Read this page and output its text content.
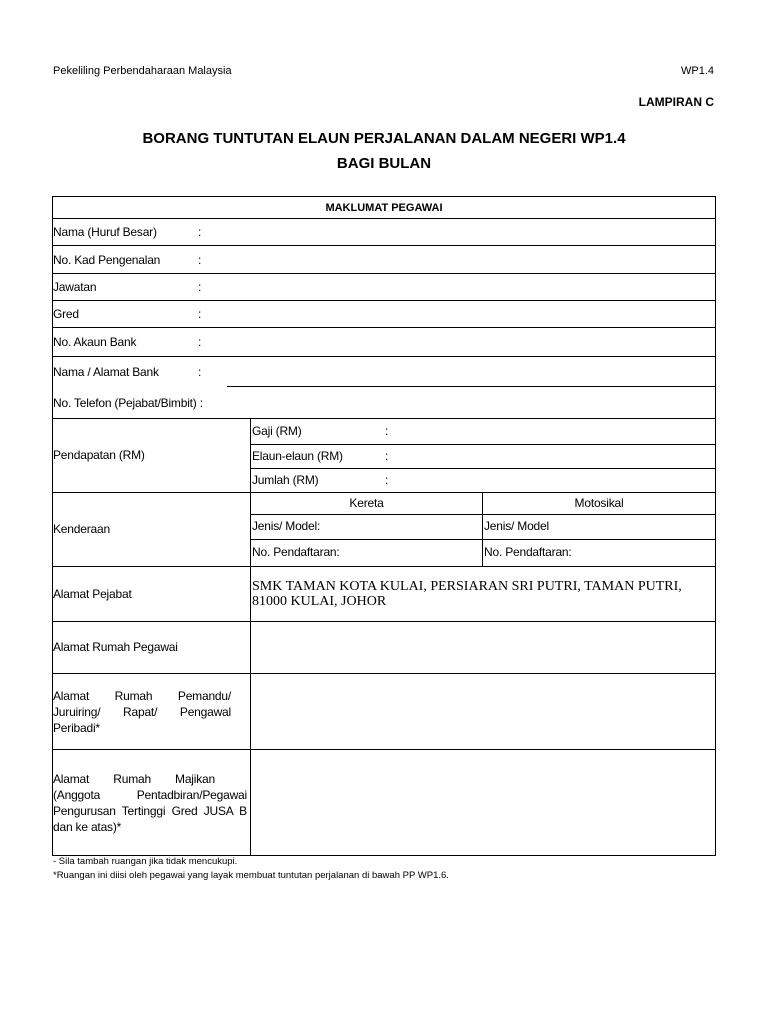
Pekeliling Perbendaharaan Malaysia	WP1.4
LAMPIRAN C
BORANG TUNTUTAN ELAUN PERJALANAN DALAM NEGERI WP1.4
BAGI BULAN
MAKLUMAT PEGAWAI
Nama (Huruf Besar)	:
No. Kad Pengenalan	:
Jawatan	:
Gred	:
No. Akaun Bank	:
Nama / Alamat Bank	:
No. Telefon (Pejabat/Bimbit) :
Pendapatan (RM)
Gaji (RM)	:
Elaun-elaun (RM)	:
Jumlah (RM)	:
Kenderaan
Kereta	Motosikal
Jenis/ Model:	Jenis/ Model
No. Pendaftaran:	No. Pendaftaran:
Alamat Pejabat	SMK TAMAN KOTA KULAI, PERSIARAN SRI PUTRI, TAMAN PUTRI, 81000 KULAI, JOHOR
Alamat Rumah Pegawai
Alamat Rumah Pemandu/
Juruiring/ Rapat/ Pengawal
Peribadi*
Alamat Rumah Majikan
(Anggota Pentadbiran/Pegawai
Pengurusan Tertinggi Gred JUSA B
dan ke atas)*
- Sila tambah ruangan jika tidak mencukupi.
*Ruangan ini diisi oleh pegawai yang layak membuat tuntutan perjalanan di bawah PP WP1.6.
